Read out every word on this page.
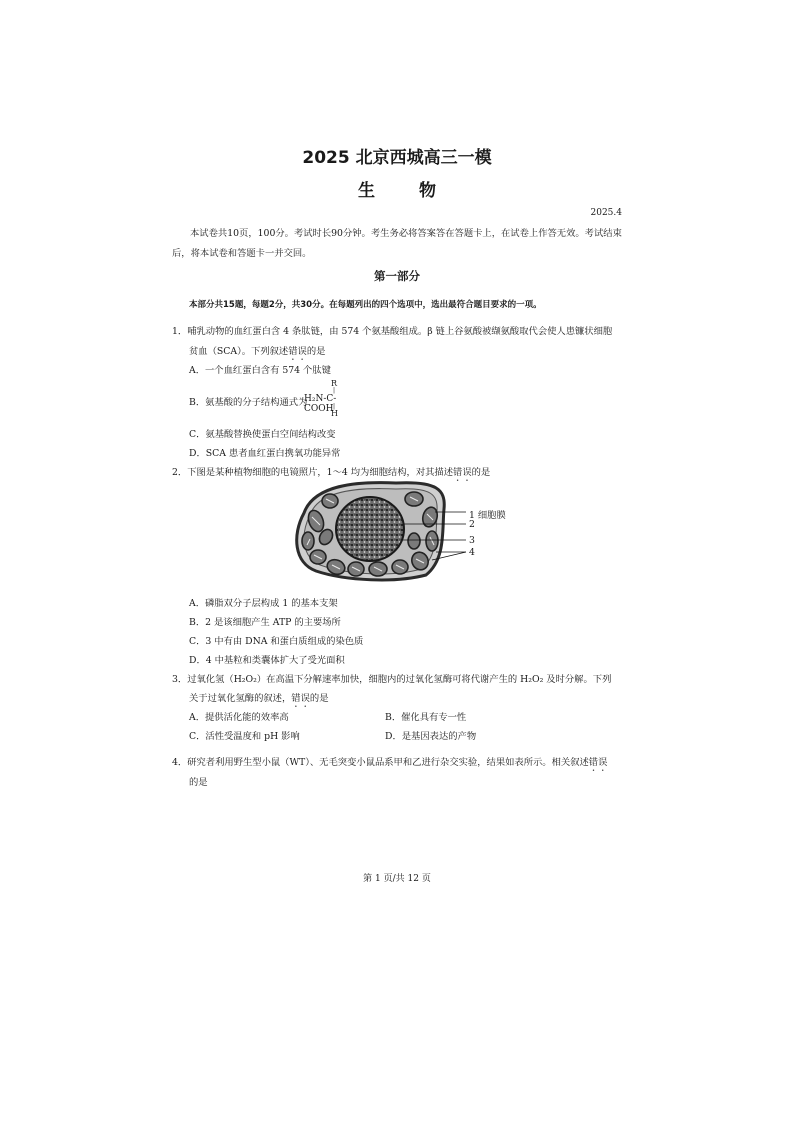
2025 北京西城高三一模
生	物
2025.4
本试卷共10页，100分。考试时长90分钟。考生务必将答案答在答题卡上，在试卷上作答无效。考试结束后，将本试卷和答题卡一并交回。
第一部分
本部分共15题，每题2分，共30分。在每题列出的四个选项中，选出最符合题目要求的一项。
1．哺乳动物的血红蛋白含 4 条肽链，由 574 个氨基酸组成。β 链上谷氨酸被缬氨酸取代会使人患镰状细胞
贫血（SCA）。下列叙述错误的是
A．一个血红蛋白含有 574 个肽键
B．氨基酸的分子结构通式为
R
|
H₂N-C-COOH |
H
C．氨基酸替换使蛋白空间结构改变
D．SCA 患者血红蛋白携氧功能异常
2．下图是某种植物细胞的电镜照片，1～4 均为细胞结构，对其描述错误的是
1 细胞膜
2
3
4
A．磷脂双分子层构成 1 的基本支架
B．2 是该细胞产生 ATP 的主要场所
C．3 中有由 DNA 和蛋白质组成的染色质
D．4 中基粒和类囊体扩大了受光面积
3．过氧化氢（H₂O₂）在高温下分解速率加快，细胞内的过氧化氢酶可将代谢产生的 H₂O₂ 及时分解。下列
关于过氧化氢酶的叙述，错误的是
A．提供活化能的效率高	B．催化具有专一性
C．活性受温度和 pH 影响	D．是基因表达的产物
4．研究者利用野生型小鼠（WT）、无毛突变小鼠品系甲和乙进行杂交实验，结果如表所示。相关叙述错误
的是
第 1 页/共 12 页
